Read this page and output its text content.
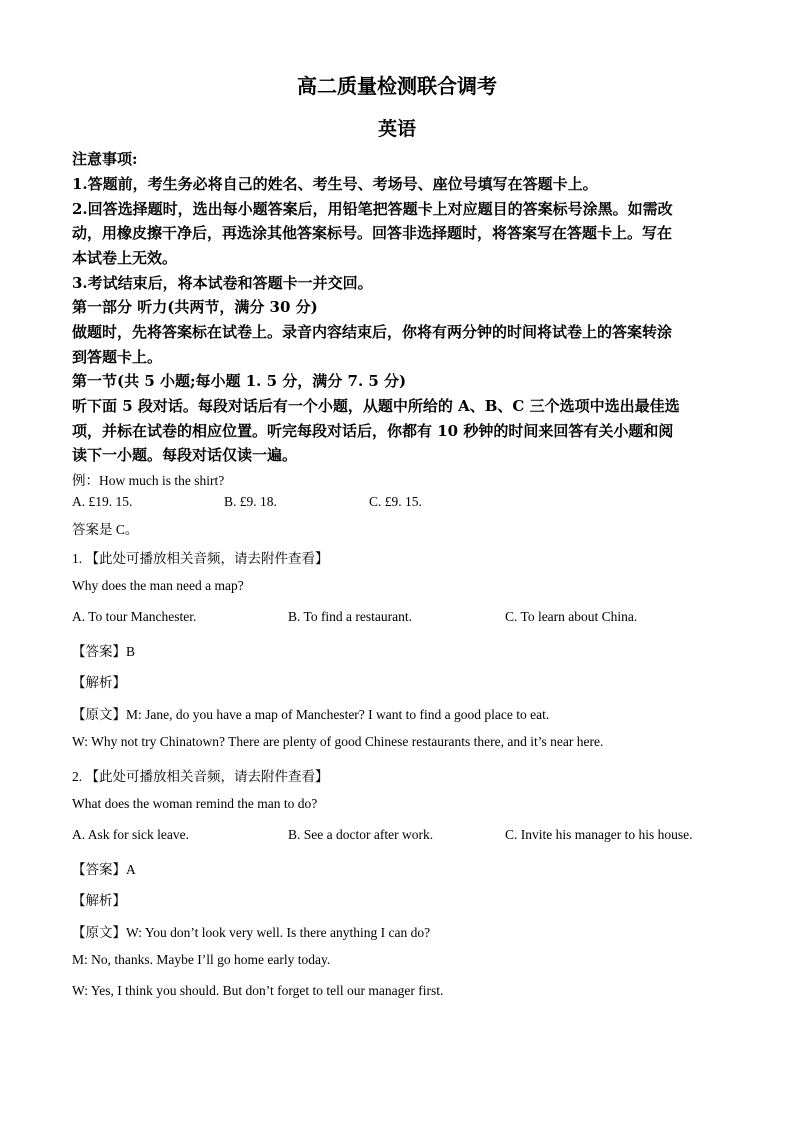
高二质量检测联合调考
英语
注意事项:
1.答题前，考生务必将自己的姓名、考生号、考场号、座位号填写在答题卡上。
2.回答选择题时，选出每小题答案后，用铅笔把答题卡上对应题目的答案标号涂黑。如需改
动，用橡皮擦干净后，再选涂其他答案标号。回答非选择题时，将答案写在答题卡上。写在
本试卷上无效。
3.考试结束后，将本试卷和答题卡一并交回。
第一部分 听力(共两节，满分 30 分)
做题时，先将答案标在试卷上。录音内容结束后，你将有两分钟的时间将试卷上的答案转涂
到答题卡上。
第一节(共 5 小题;每小题 1. 5 分，满分 7. 5 分)
听下面 5 段对话。每段对话后有一个小题，从题中所给的 A、B、C 三个选项中选出最佳选
项，并标在试卷的相应位置。听完每段对话后，你都有 10 秒钟的时间来回答有关小题和阅
读下一小题。每段对话仅读一遍。
例：How much is the shirt?
A. £19. 15.	B. £9. 18.	C. £9. 15.
答案是 C。
1. 【此处可播放相关音频，请去附件查看】
Why does the man need a map?
A. To tour Manchester.	B. To find a restaurant.	C. To learn about China.
【答案】B
【解析】
【原文】M: Jane, do you have a map of Manchester? I want to find a good place to eat.
W: Why not try Chinatown? There are plenty of good Chinese restaurants there, and it’s near here.
2. 【此处可播放相关音频，请去附件查看】
What does the woman remind the man to do?
A. Ask for sick leave.	B. See a doctor after work.	C. Invite his manager to his house.
【答案】A
【解析】
【原文】W: You don’t look very well. Is there anything I can do?
M: No, thanks. Maybe I’ll go home early today.
W: Yes, I think you should. But don’t forget to tell our manager first.
